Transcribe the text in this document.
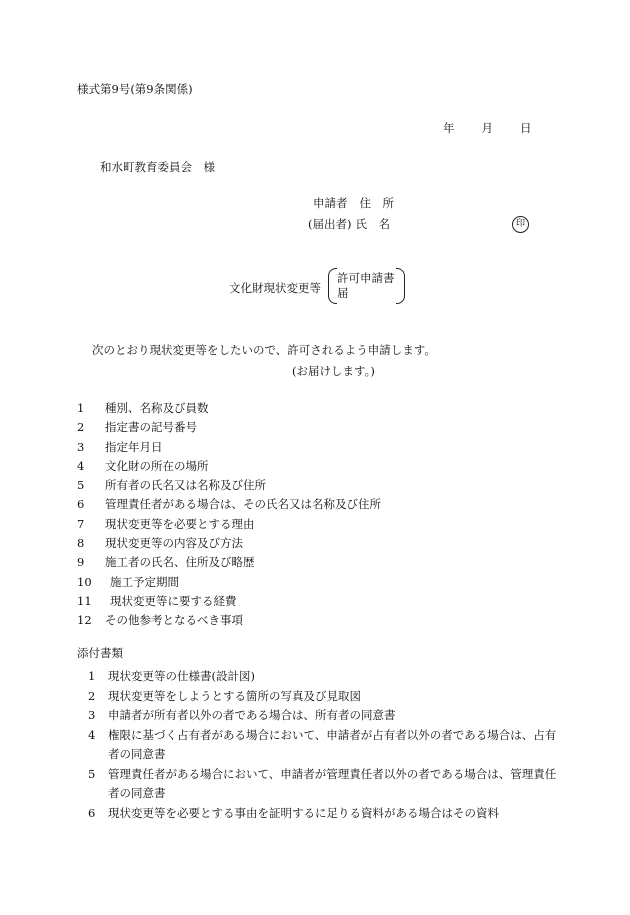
様式第9号(第9条関係)
年 月 日
和水町教育委員会　様
申請者 住　所
(届出者) 氏　名	印
文化財現状変更等
許可申請書
届
次のとおり現状変更等をしたいので、許可されるよう申請します。
(お届けします。)
1	種別、名称及び員数
2	指定書の記号番号
3	指定年月日
4	文化財の所在の場所
5	所有者の氏名又は名称及び住所
6	管理責任者がある場合は、その氏名又は名称及び住所
7	現状変更等を必要とする理由
8	現状変更等の内容及び方法
9	施工者の氏名、住所及び略歴
10	施工予定期間
11	現状変更等に要する経費
12	その他参考となるべき事項
添付書類
1	現状変更等の仕様書(設計図)
2	現状変更等をしようとする箇所の写真及び見取図
3	申請者が所有者以外の者である場合は、所有者の同意書
4	権限に基づく占有者がある場合において、申請者が占有者以外の者である場合は、占有者の同意書
5	管理責任者がある場合において、申請者が管理責任者以外の者である場合は、管理責任者の同意書
6	現状変更等を必要とする事由を証明するに足りる資料がある場合はその資料
